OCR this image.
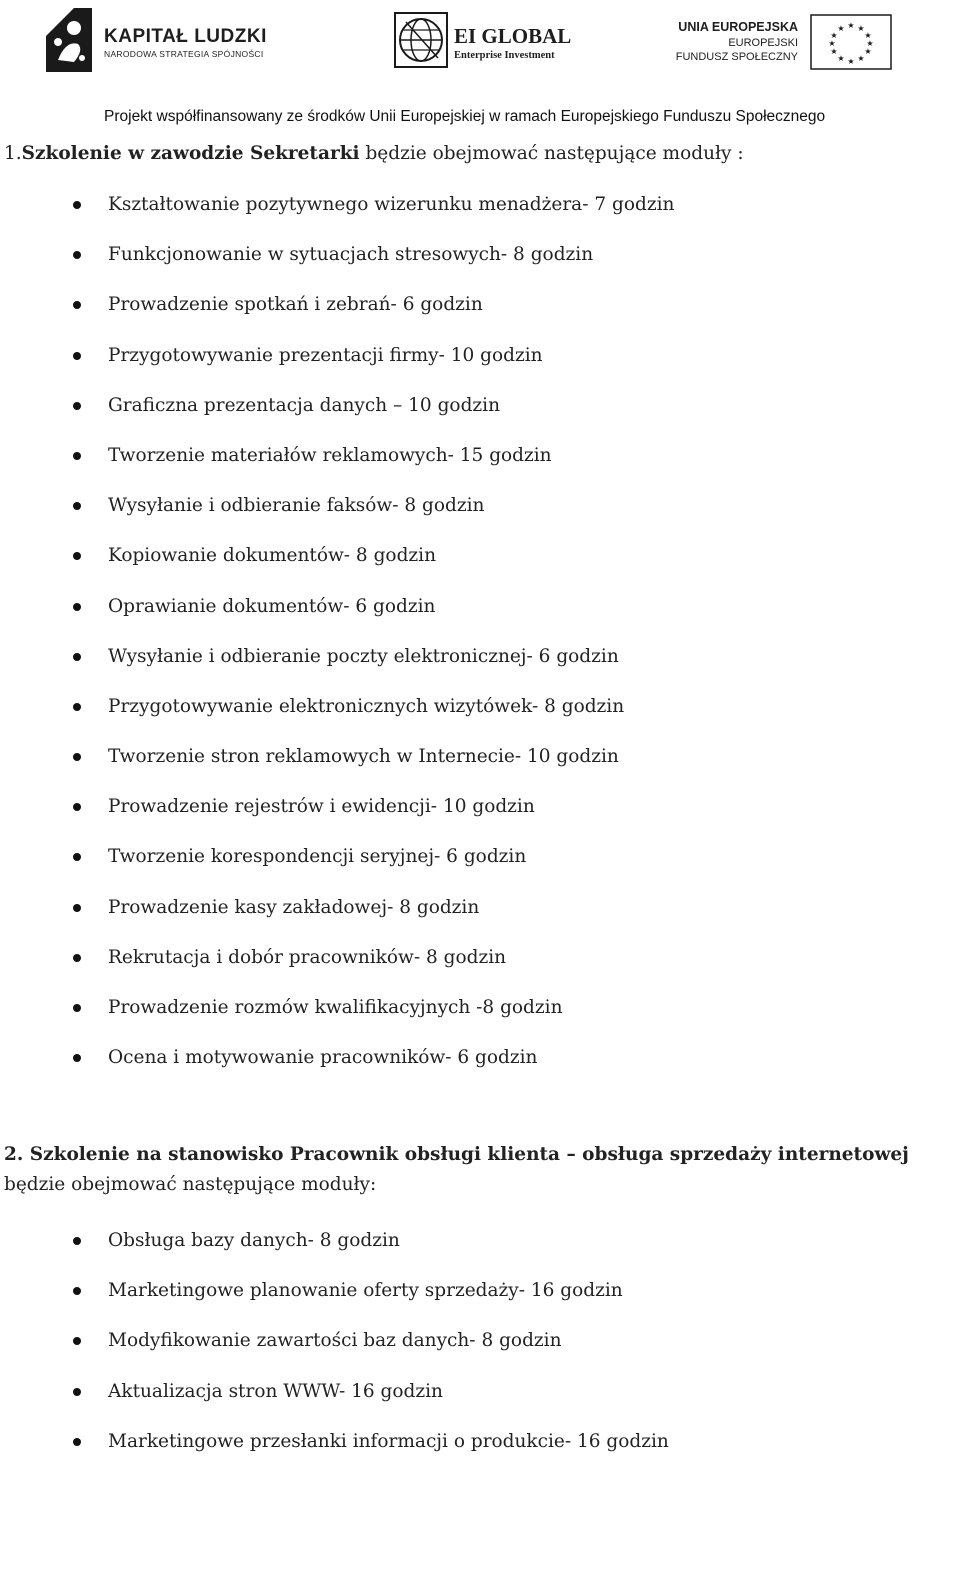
KAPITAŁ LUDZKI
NARODOWA STRATEGIA SPÓJNOŚCI
EI GLOBAL
Enterprise Investment
UNIA EUROPEJSKA
EUROPEJSKI
FUNDUSZ SPOŁECZNY
★ ★
★
★
★
★
★
★
★
★
★
★
Projekt współfinansowany ze środków Unii Europejskiej w ramach Europejskiego Funduszu Społecznego
1.Szkolenie w zawodzie Sekretarki będzie obejmować następujące moduły :
Kształtowanie pozytywnego wizerunku menadżera- 7 godzin
Funkcjonowanie w sytuacjach stresowych- 8 godzin
Prowadzenie spotkań i zebrań- 6 godzin
Przygotowywanie prezentacji firmy- 10 godzin
Graficzna prezentacja danych – 10 godzin
Tworzenie materiałów reklamowych- 15 godzin
Wysyłanie i odbieranie faksów- 8 godzin
Kopiowanie dokumentów- 8 godzin
Oprawianie dokumentów- 6 godzin
Wysyłanie i odbieranie poczty elektronicznej- 6 godzin
Przygotowywanie elektronicznych wizytówek- 8 godzin
Tworzenie stron reklamowych w Internecie- 10 godzin
Prowadzenie rejestrów i ewidencji- 10 godzin
Tworzenie korespondencji seryjnej- 6 godzin
Prowadzenie kasy zakładowej- 8 godzin
Rekrutacja i dobór pracowników- 8 godzin
Prowadzenie rozmów kwalifikacyjnych -8 godzin
Ocena i motywowanie pracowników- 6 godzin
2. Szkolenie na stanowisko Pracownik obsługi klienta – obsługa sprzedaży internetowej będzie obejmować następujące moduły:
Obsługa bazy danych- 8 godzin
Marketingowe planowanie oferty sprzedaży- 16 godzin
Modyfikowanie zawartości baz danych- 8 godzin
Aktualizacja stron WWW- 16 godzin
Marketingowe przesłanki informacji o produkcie- 16 godzin
